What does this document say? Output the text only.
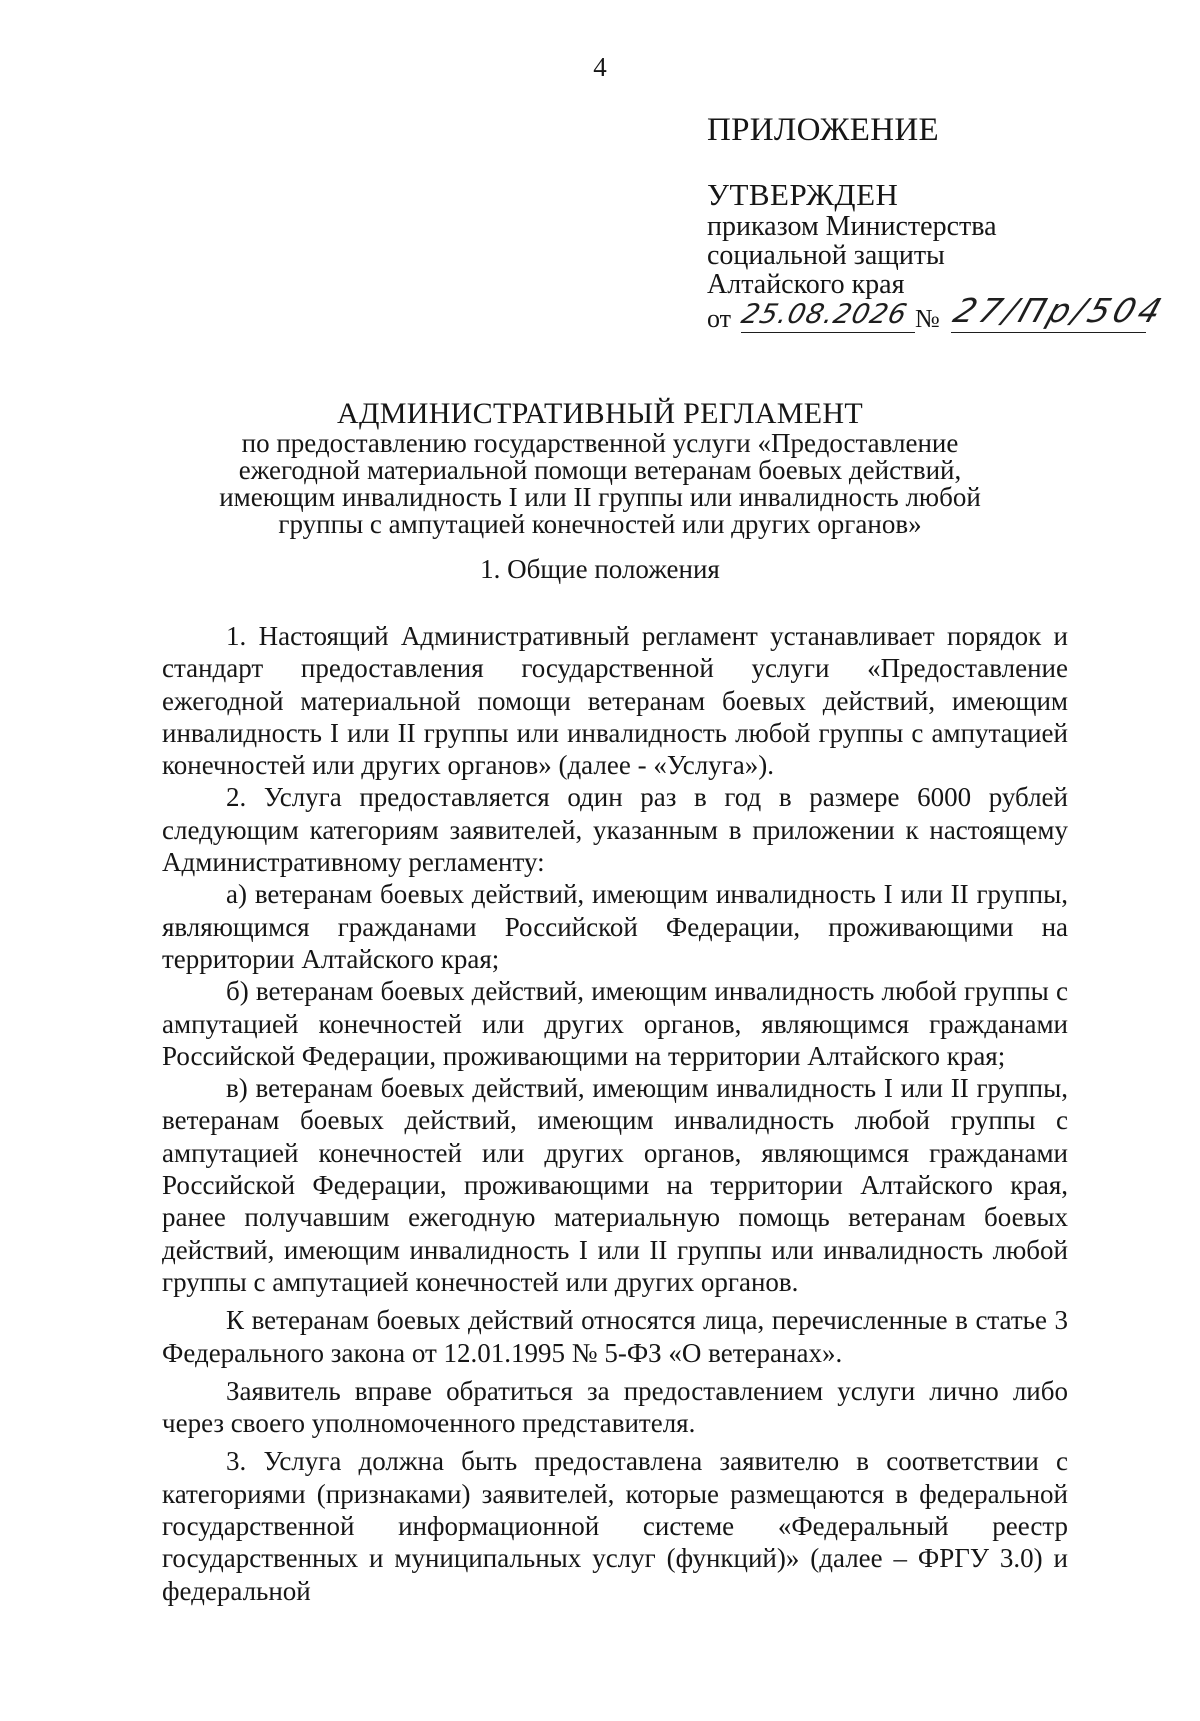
4
ПРИЛОЖЕНИЕ
УТВЕРЖДЕН
приказом Министерства
социальной защиты
Алтайского края
от 25.08.2026 № 27/Пр/504
АДМИНИСТРАТИВНЫЙ РЕГЛАМЕНТ
по предоставлению государственной услуги «Предоставление
ежегодной материальной помощи ветеранам боевых действий,
имеющим инвалидность I или II группы или инвалидность любой
группы с ампутацией конечностей или других органов»
1. Общие положения

1. Настоящий Административный регламент устанавливает порядок и стандарт предоставления государственной услуги «Предоставление ежегодной материальной помощи ветеранам боевых действий, имеющим инвалидность I или II группы или инвалидность любой группы с ампутацией конечностей или других органов» (далее - «Услуга»).

2. Услуга предоставляется один раз в год в размере 6000 рублей следующим категориям заявителей, указанным в приложении к настоящему Административному регламенту:

а) ветеранам боевых действий, имеющим инвалидность I или II группы, являющимся гражданами Российской Федерации, проживающими на территории Алтайского края;

б) ветеранам боевых действий, имеющим инвалидность любой группы с ампутацией конечностей или других органов, являющимся гражданами Российской Федерации, проживающими на территории Алтайского края;

в) ветеранам боевых действий, имеющим инвалидность I или II группы, ветеранам боевых действий, имеющим инвалидность любой группы с ампутацией конечностей или других органов, являющимся гражданами Российской Федерации, проживающими на территории Алтайского края, ранее получавшим ежегодную материальную помощь ветеранам боевых действий, имеющим инвалидность I или II группы или инвалидность любой группы с ампутацией конечностей или других органов.

К ветеранам боевых действий относятся лица, перечисленные в статье 3 Федерального закона от 12.01.1995 № 5-ФЗ «О ветеранах».

Заявитель вправе обратиться за предоставлением услуги лично либо через своего уполномоченного представителя.

3. Услуга должна быть предоставлена заявителю в соответствии с категориями (признаками) заявителей, которые размещаются в федеральной государственной информационной системе «Федеральный реестр государственных и муниципальных услуг (функций)» (далее – ФРГУ 3.0) и федеральной
